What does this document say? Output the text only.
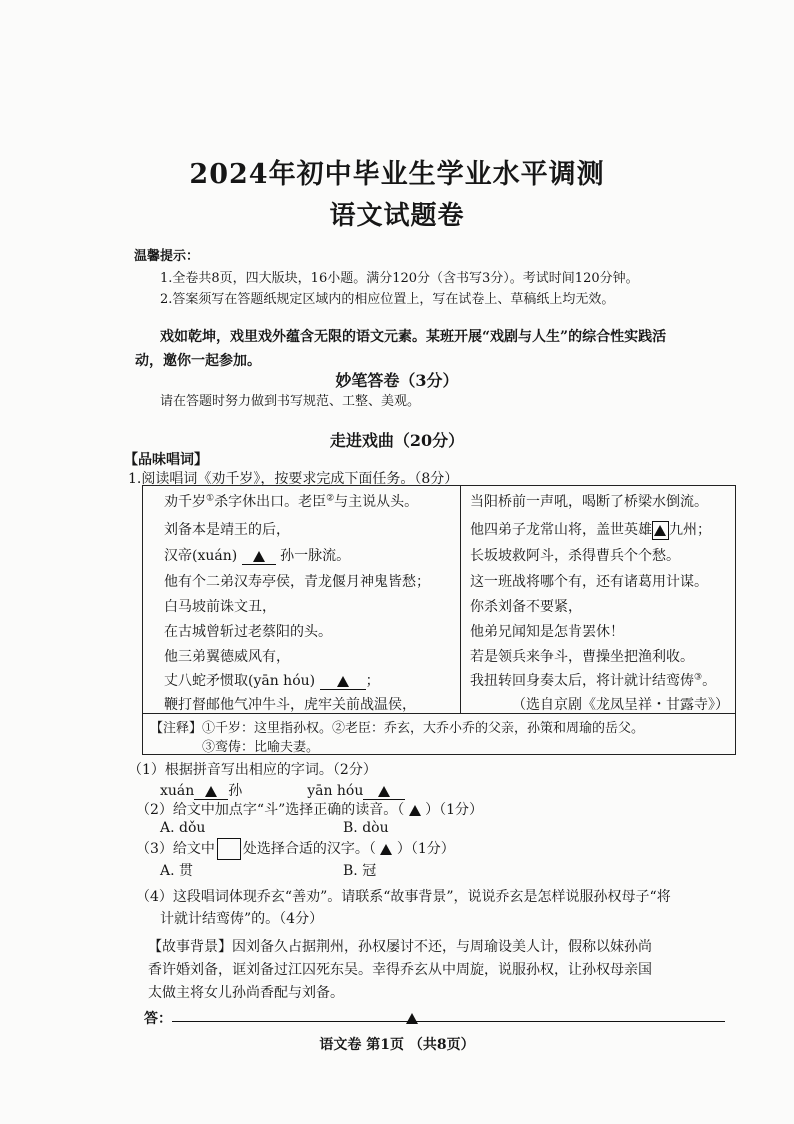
2024年初中毕业生学业水平调测
语文试题卷
温馨提示：
1.全卷共8页，四大版块，16小题。满分120分（含书写3分）。考试时间120分钟。
2.答案须写在答题纸规定区域内的相应位置上，写在试卷上、草稿纸上均无效。
戏如乾坤，戏里戏外蕴含无限的语文元素。某班开展“戏剧与人生”的综合性实践活
动，邀你一起参加。
妙笔答卷（3分）
请在答题时努力做到书写规范、工整、美观。
走进戏曲（20分）
【品味唱词】
1.阅读唱词《劝千岁》，按要求完成下面任务。（8分）
劝千岁①杀字休出口。老臣②与主说从头。
刘备本是靖王的后，
汉帝(xuán)	孙一脉流。
他有个二弟汉寿亭侯，青龙偃月神鬼皆愁；
白马坡前诛文丑，
在古城曾斩过老蔡阳的头。
他三弟翼德威风有，
丈八蛇矛惯取(yān hóu)	；
鞭打督邮他气冲牛斗，虎牢关前战温侯，
当阳桥前一声吼，喝断了桥梁水倒流。
他四弟子龙常山将，盖世英雄 九州；
长坂坡救阿斗，杀得曹兵个个愁。
这一班战将哪个有，还有诸葛用计谋。
你杀刘备不要紧，
他弟兄闻知是怎肯罢休！
若是领兵来争斗，曹操坐把渔利收。
我扭转回身奏太后，将计就计结鸾俦③。
（选自京剧《龙凤呈祥・甘露寺》）
【注释】①千岁：这里指孙权。②老臣：乔玄，大乔小乔的父亲，孙策和周瑜的岳父。
③鸾俦：比喻夫妻。
（1）根据拼音写出相应的字词。（2分）
xuán 孙	yān hóu
（2）给文中加点字“斗”选择正确的读音。（ ）（1分）
A. dǒu	B. dòu
（3）给文中 处选择合适的汉字。（ ）（1分）
A. 贯	B. 冠
（4）这段唱词体现乔玄“善劝”。请联系“故事背景”，说说乔玄是怎样说服孙权母子“将
计就计结鸾俦”的。（4分）
【故事背景】因刘备久占据荆州，孙权屡讨不还，与周瑜设美人计，假称以妹孙尚
香许婚刘备，诓刘备过江囚死东吴。幸得乔玄从中周旋，说服孙权，让孙权母亲国
太做主将女儿孙尚香配与刘备。
答：
语文卷 第1页 （共8页）
